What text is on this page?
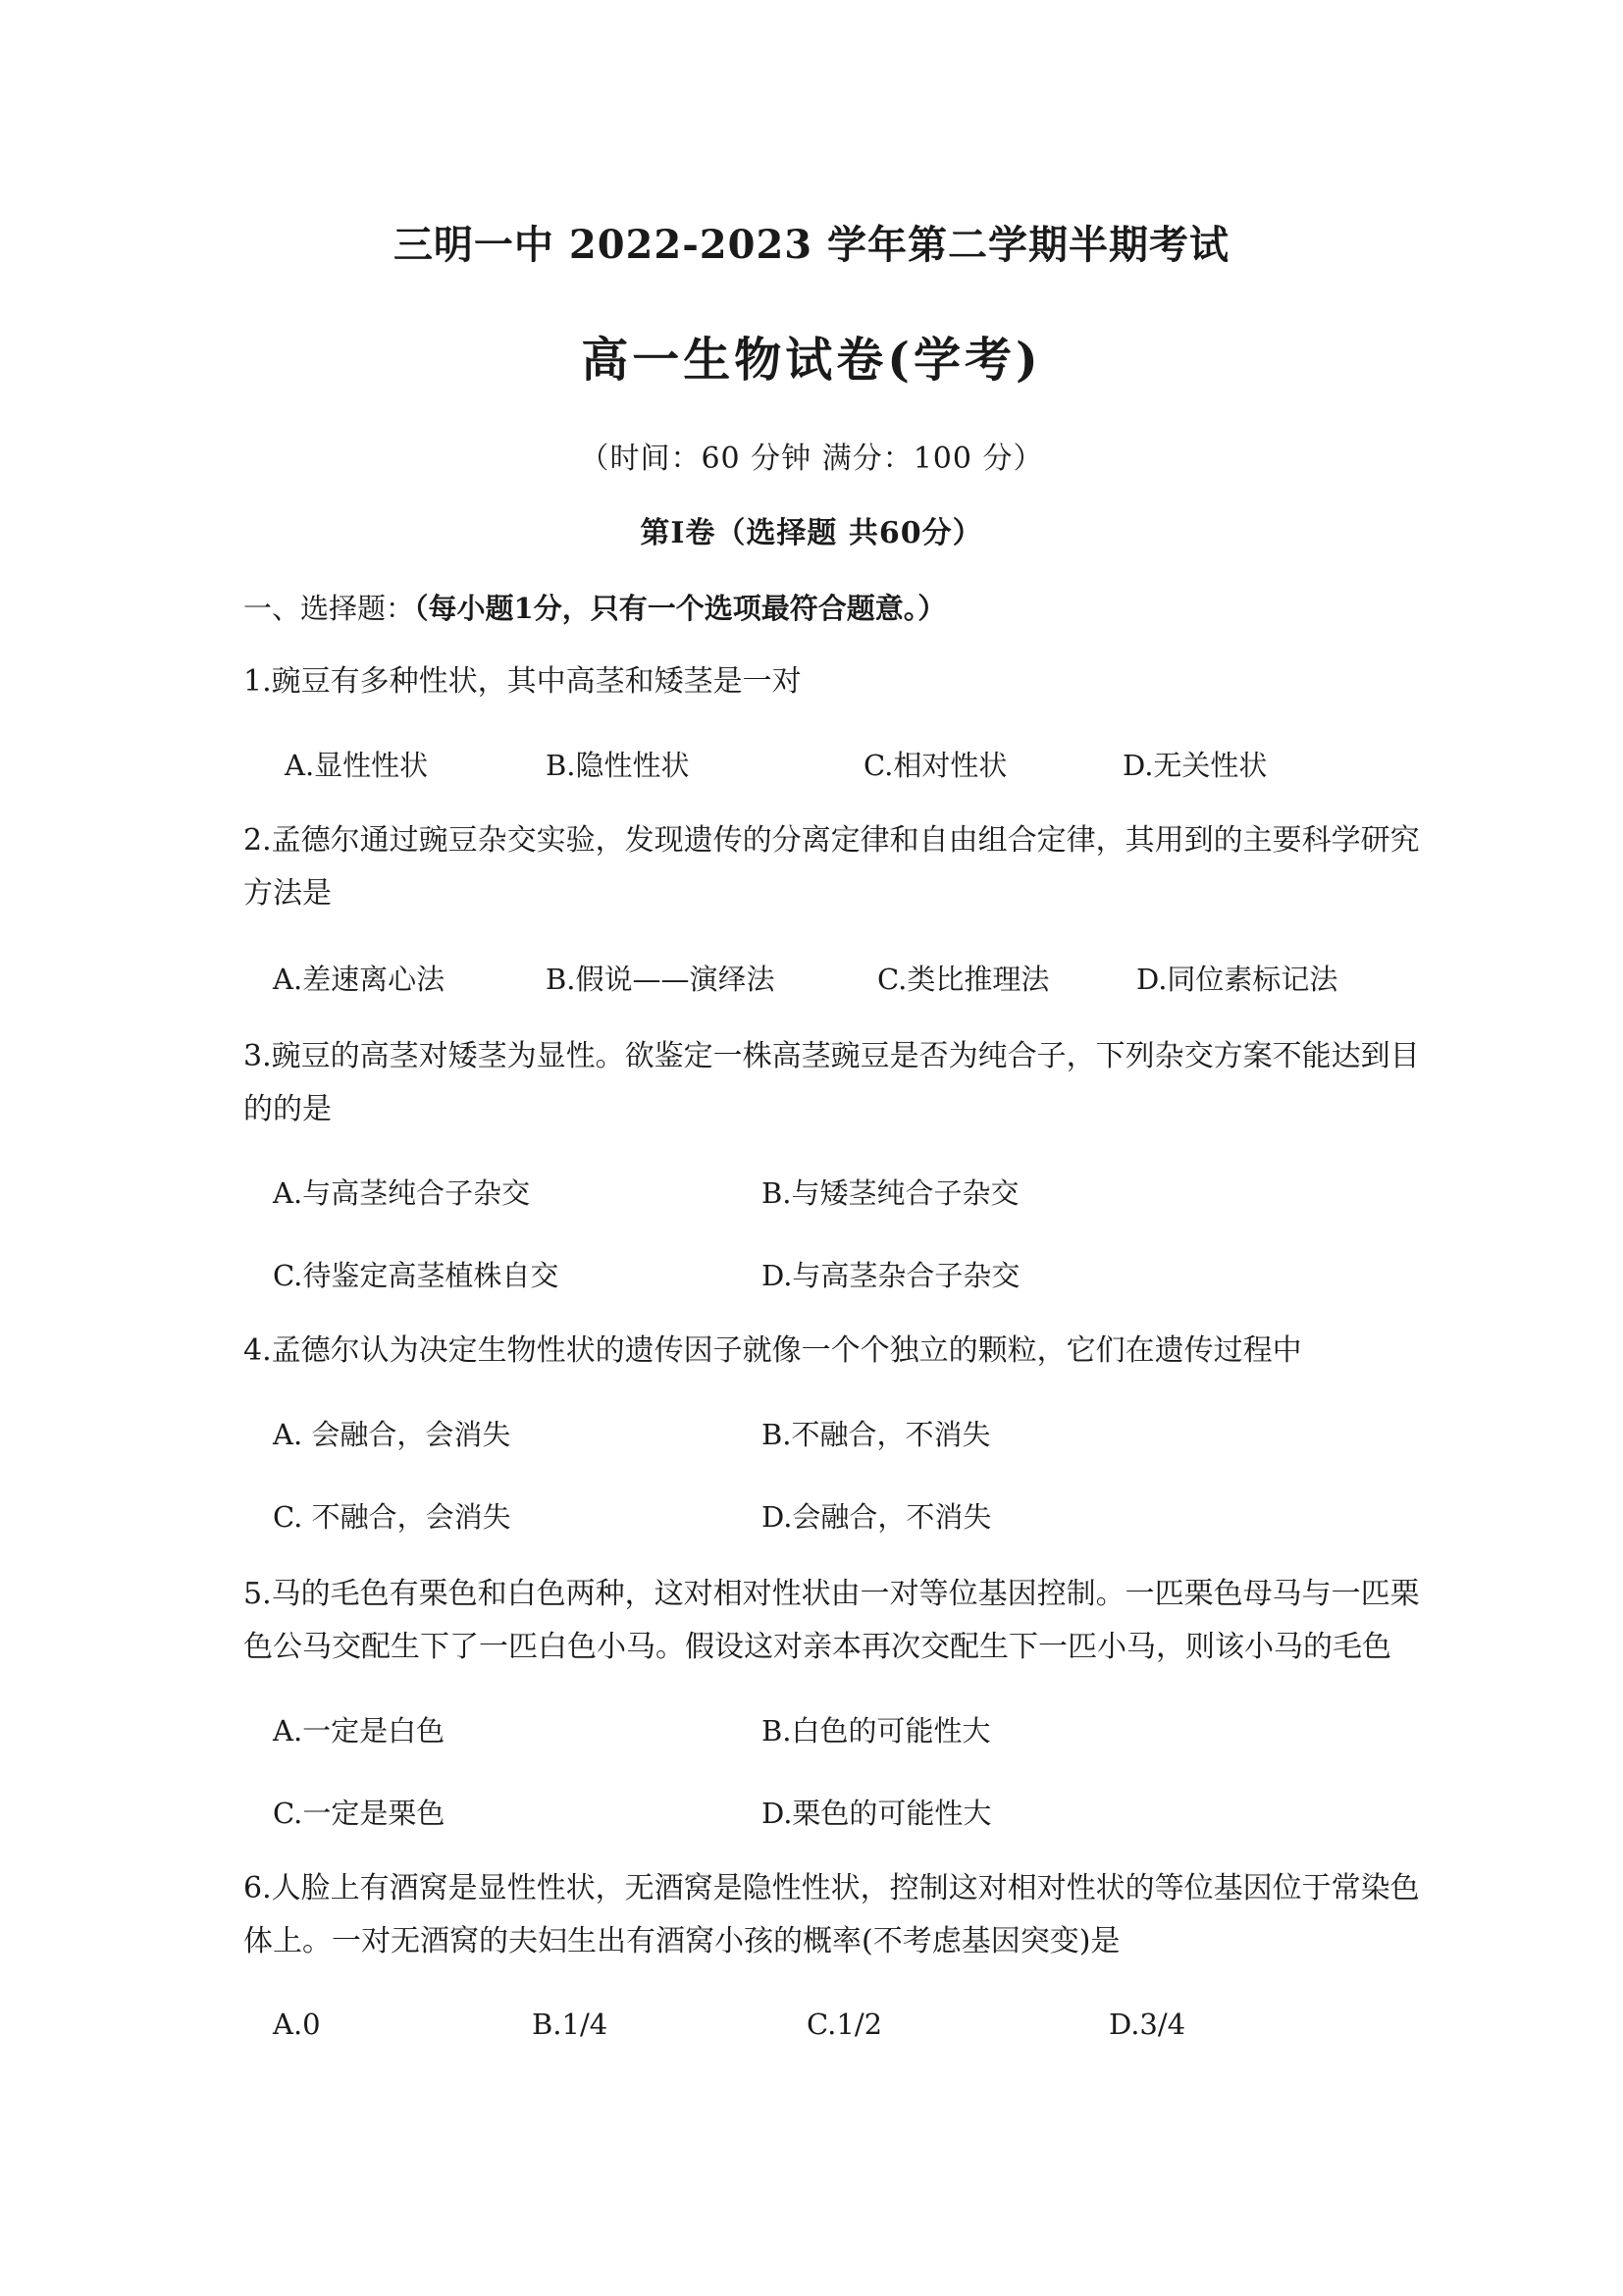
三明一中 2022-2023 学年第二学期半期考试
高一生物试卷(学考)
（时间：60 分钟 满分：100 分）
第Ⅰ卷（选择题 共60分）
一、选择题：（每小题1分，只有一个选项最符合题意。）
1.豌豆有多种性状，其中高茎和矮茎是一对
A.显性性状	B.隐性性状	C.相对性状	D.无关性状
2.孟德尔通过豌豆杂交实验，发现遗传的分离定律和自由组合定律，其用到的主要科学研究
方法是
A.差速离心法	B.假说——演绎法	C.类比推理法	D.同位素标记法
3.豌豆的高茎对矮茎为显性。欲鉴定一株高茎豌豆是否为纯合子，下列杂交方案不能达到目
的的是
A.与高茎纯合子杂交	B.与矮茎纯合子杂交
C.待鉴定高茎植株自交	D.与高茎杂合子杂交
4.孟德尔认为决定生物性状的遗传因子就像一个个独立的颗粒，它们在遗传过程中
A. 会融合，会消失	B.不融合，不消失
C. 不融合，会消失	D.会融合，不消失
5.马的毛色有栗色和白色两种，这对相对性状由一对等位基因控制。一匹栗色母马与一匹栗
色公马交配生下了一匹白色小马。假设这对亲本再次交配生下一匹小马，则该小马的毛色
A.一定是白色	B.白色的可能性大
C.一定是栗色	D.栗色的可能性大
6.人脸上有酒窝是显性性状，无酒窝是隐性性状，控制这对相对性状的等位基因位于常染色
体上。一对无酒窝的夫妇生出有酒窝小孩的概率(不考虑基因突变)是
A.0	B.1/4	C.1/2	D.3/4
